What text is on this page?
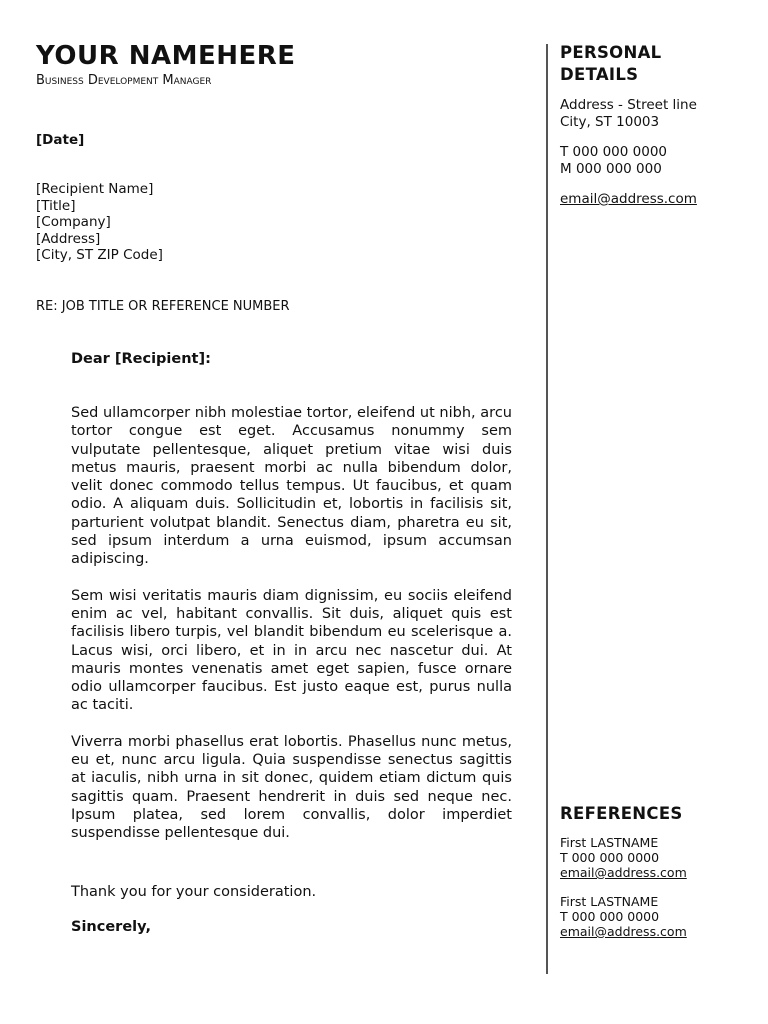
YOUR NAMEHERE

Business Development Manager

[Date]
[Recipient Name]
[Title]
[Company]
[Address]
[City, ST ZIP Code]
RE: JOB TITLE OR REFERENCE NUMBER
Dear [Recipient]:

Sed ullamcorper nibh molestiae tortor, eleifend ut nibh, arcu tortor congue est eget. Accusamus nonummy sem vulputate pellentesque, aliquet pretium vitae wisi duis metus mauris, praesent morbi ac nulla bibendum dolor, velit donec commodo tellus tempus. Ut faucibus, et quam odio. A aliquam duis. Sollicitudin et, lobortis in facilisis sit, parturient volutpat blandit. Senectus diam, pharetra eu sit, sed ipsum interdum a urna euismod, ipsum accumsan adipiscing.

Sem wisi veritatis mauris diam dignissim, eu sociis eleifend enim ac vel, habitant convallis. Sit duis, aliquet quis est facilisis libero turpis, vel blandit bibendum eu scelerisque a. Lacus wisi, orci libero, et in in arcu nec nascetur dui. At mauris montes venenatis amet eget sapien, fusce ornare odio ullamcorper faucibus. Est justo eaque est, purus nulla ac taciti.

Viverra morbi phasellus erat lobortis. Phasellus nunc metus, eu et, nunc arcu ligula. Quia suspendisse senectus sagittis at iaculis, nibh urna in sit donec, quidem etiam dictum quis sagittis quam. Praesent hendrerit in duis sed neque nec. Ipsum platea, sed lorem convallis, dolor imperdiet suspendisse pellentesque dui.

Thank you for your consideration.
Sincerely,
PERSONAL
DETAILS
Address - Street line
City, ST 10003
T 000 000 0000
M 000 000 000
email@address.com
REFERENCES
First LASTNAME
T 000 000 0000
email@address.com
First LASTNAME
T 000 000 0000
email@address.com
